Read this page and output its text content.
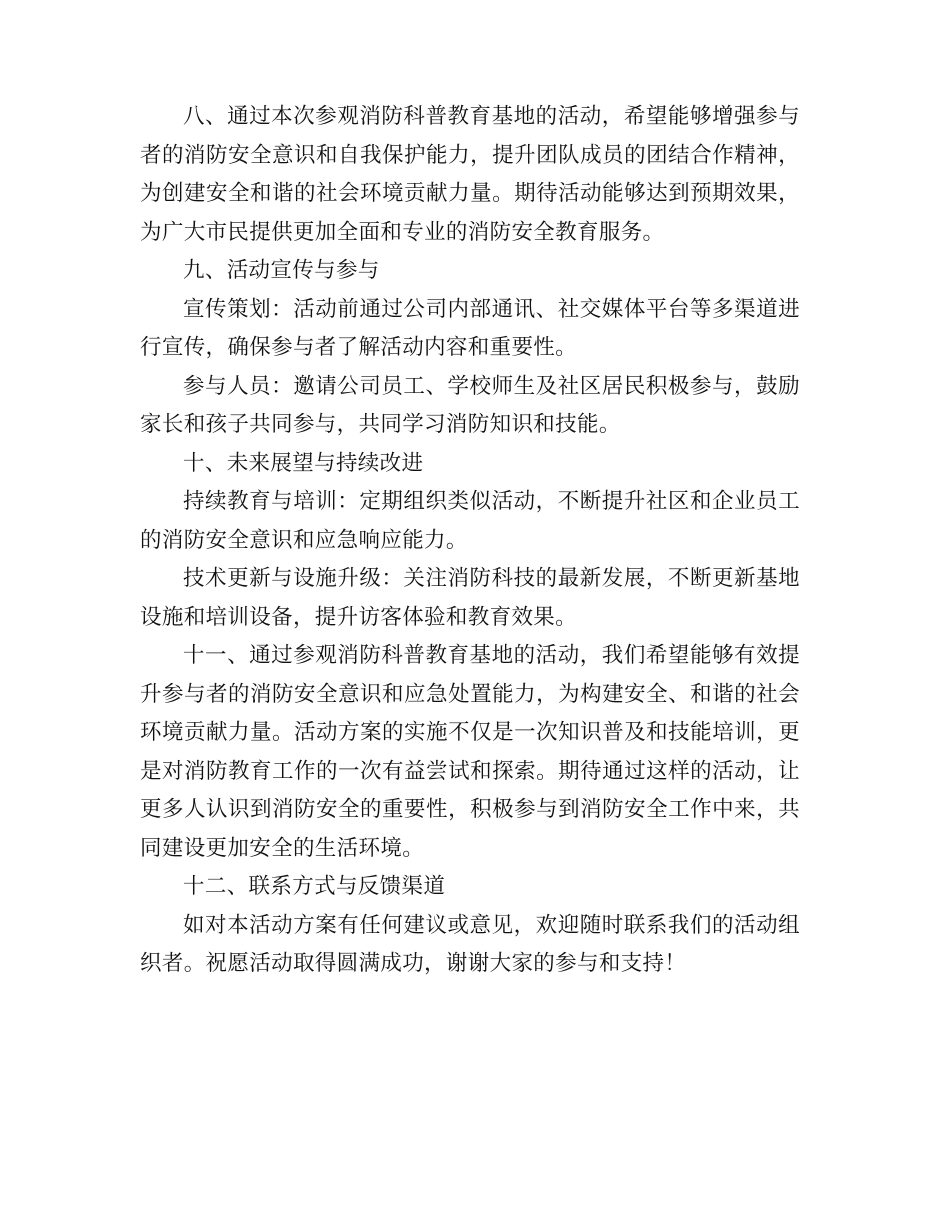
八、通过本次参观消防科普教育基地的活动，希望能够增强参与者的消防安全意识和自我保护能力，提升团队成员的团结合作精神，为创建安全和谐的社会环境贡献力量。期待活动能够达到预期效果，为广大市民提供更加全面和专业的消防安全教育服务。

九、活动宣传与参与

宣传策划：活动前通过公司内部通讯、社交媒体平台等多渠道进行宣传，确保参与者了解活动内容和重要性。

参与人员：邀请公司员工、学校师生及社区居民积极参与，鼓励家长和孩子共同参与，共同学习消防知识和技能。

十、未来展望与持续改进

持续教育与培训：定期组织类似活动，不断提升社区和企业员工的消防安全意识和应急响应能力。

技术更新与设施升级：关注消防科技的最新发展，不断更新基地设施和培训设备，提升访客体验和教育效果。

十一、通过参观消防科普教育基地的活动，我们希望能够有效提升参与者的消防安全意识和应急处置能力，为构建安全、和谐的社会环境贡献力量。活动方案的实施不仅是一次知识普及和技能培训，更是对消防教育工作的一次有益尝试和探索。期待通过这样的活动，让更多人认识到消防安全的重要性，积极参与到消防安全工作中来，共同建设更加安全的生活环境。

十二、联系方式与反馈渠道

如对本活动方案有任何建议或意见，欢迎随时联系我们的活动组织者。祝愿活动取得圆满成功，谢谢大家的参与和支持！
